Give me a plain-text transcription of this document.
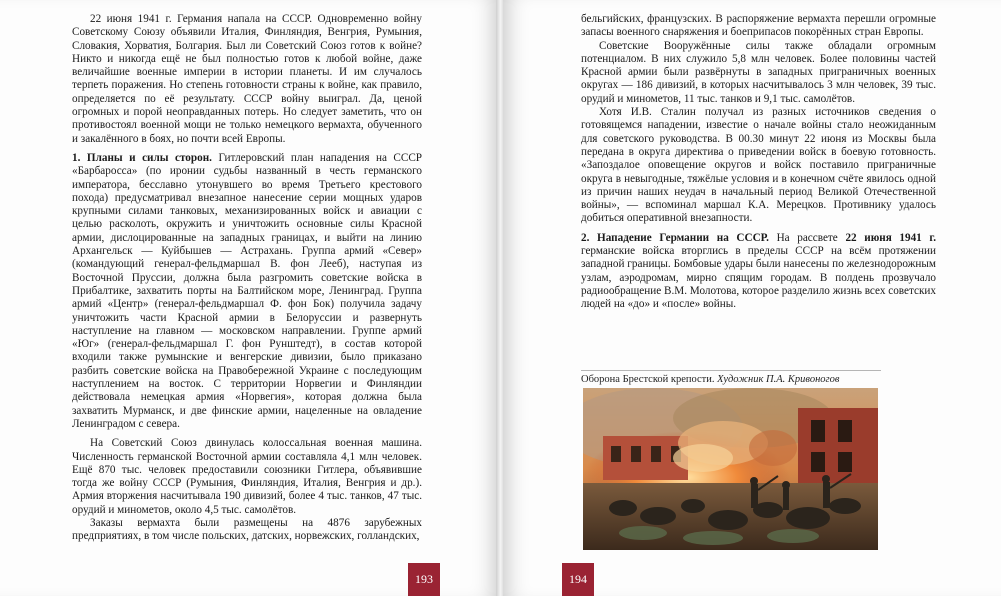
22 июня 1941 г. Германия напала на СССР. Одновременно войну Советскому Союзу объявили Италия, Финляндия, Венгрия, Румыния, Словакия, Хорватия, Болгария. Был ли Советский Союз готов к войне? Никто и никогда ещё не был полностью готов к любой войне, даже величайшие военные империи в истории планеты. И им случалось терпеть поражения. Но степень готовности страны к войне, как правило, определяется по её результату. СССР войну выиграл. Да, ценой огромных и порой неоправданных потерь. Но следует заметить, что он противостоял военной мощи не только немецкого вермахта, обученного и закалённого в боях, но почти всей Европы.

1. Планы и силы сторон. Гитлеровский план нападения на СССР «Барбаросса» (по иронии судьбы названный в честь германского императора, бесславно утонувшего во время Третьего крестового похода) предусматривал внезапное нанесение серии мощных ударов крупными силами танковых, механизированных войск и авиации с целью расколоть, окружить и уничтожить основные силы Красной армии, дислоцированные на западных границах, и выйти на линию Архангельск — Куйбышев — Астрахань. Группа армий «Север» (командующий генерал-фельдмаршал В. фон Лееб), наступая из Восточной Пруссии, должна была разгромить советские войска в Прибалтике, захватить порты на Балтийском море, Ленинград. Группа армий «Центр» (генерал-фельдмаршал Ф. фон Бок) получила задачу уничтожить части Красной армии в Белоруссии и развернуть наступление на главном — московском направлении. Группе армий «Юг» (генерал-фельдмаршал Г. фон Рунштедт), в состав которой входили также румынские и венгерские дивизии, было приказано разбить советские войска на Правобережной Украине с последующим наступлением на восток. С территории Норвегии и Финляндии действовала немецкая армия «Норвегия», которая должна была захватить Мурманск, и две финские армии, нацеленные на овладение Ленинградом с севера.

На Советский Союз двинулась колоссальная военная машина. Численность германской Восточной армии составляла 4,1 млн человек. Ещё 870 тыс. человек предоставили союзники Гитлера, объявившие тогда же войну СССР (Румыния, Финляндия, Италия, Венгрия и др.). Армия вторжения насчитывала 190 дивизий, более 4 тыс. танков, 47 тыс. орудий и минометов, около 4,5 тыс. самолётов.

Заказы вермахта были размещены на 4876 зарубежных предприятиях, в том числе польских, датских, норвежских, голландских,

193

бельгийских, французских. В распоряжение вермахта перешли огромные запасы военного снаряжения и боеприпасов покорённых стран Европы.

Советские Вооружённые силы также обладали огромным потенциалом. В них служило 5,8 млн человек. Более половины частей Красной армии были развёрнуты в западных приграничных военных округах — 186 дивизий, в которых насчитывалось 3 млн человек, 39 тыс. орудий и минометов, 11 тыс. танков и 9,1 тыс. самолётов.

Хотя И.В. Сталин получал из разных источников сведения о готовящемся нападении, известие о начале войны стало неожиданным для советского руководства. В 00.30 минут 22 июня из Москвы была передана в округа директива о приведении войск в боевую готовность. «Запоздалое оповещение округов и войск поставило приграничные округа в невыгодные, тяжёлые условия и в конечном счёте явилось одной из причин наших неудач в начальный период Великой Отечественной войны», — вспоминал маршал К.А. Мерецков. Противнику удалось добиться оперативной внезапности.

2. Нападение Германии на СССР. На рассвете 22 июня 1941 г. германские войска вторглись в пределы СССР на всём протяжении западной границы. Бомбовые удары были нанесены по железнодорожным узлам, аэродромам, мирно спящим городам. В полдень прозвучало радиообращение В.М. Молотова, которое разделило жизнь всех советских людей на «до» и «после» войны.

Оборона Брестской крепости. Художник П.А. Кривоногов
194
